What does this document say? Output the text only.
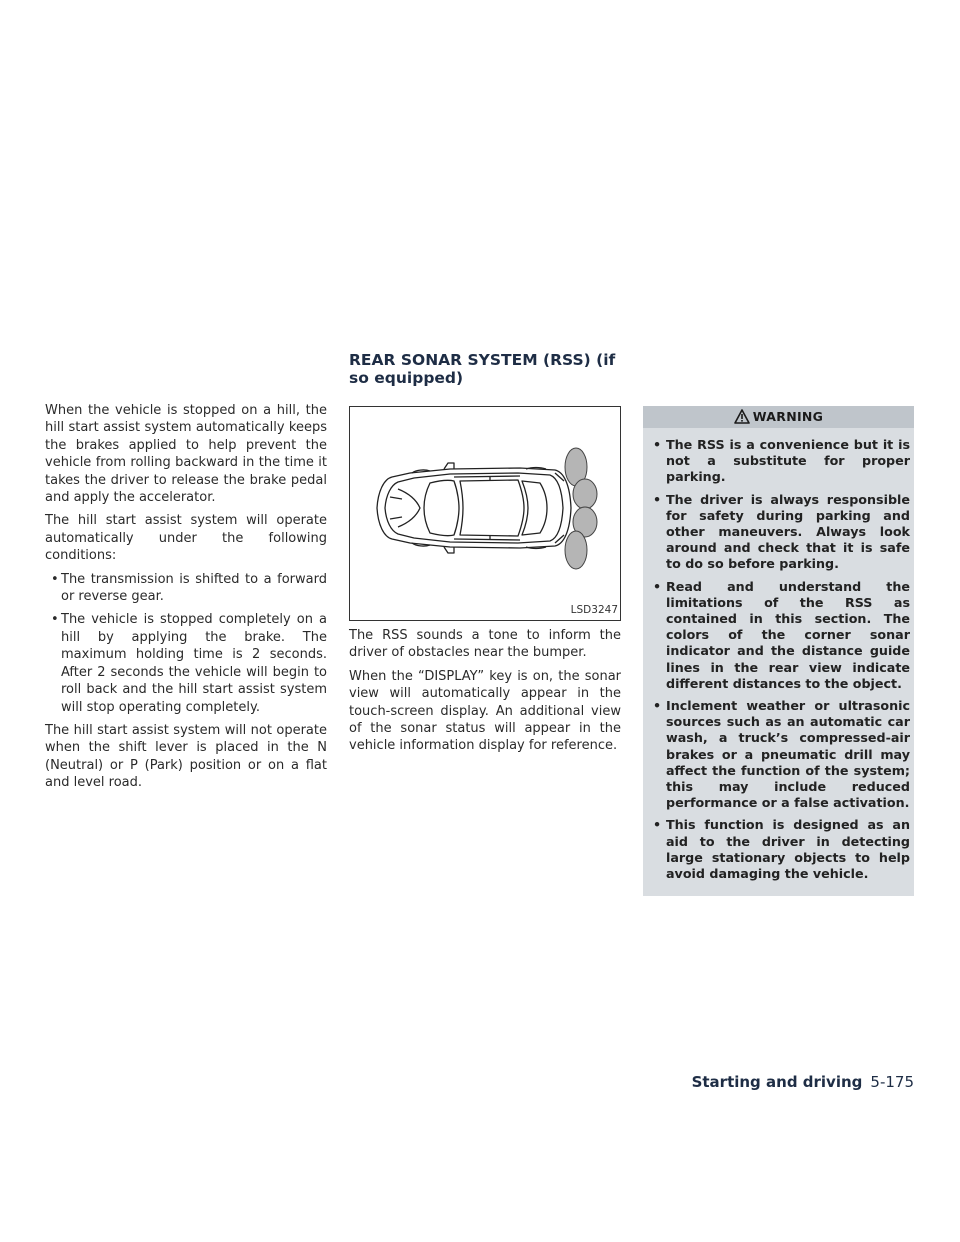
When the vehicle is stopped on a hill, the hill start assist system automatically keeps the brakes applied to help prevent the vehicle from rolling backward in the time it takes the driver to release the brake pedal and apply the accelerator.

The hill start assist system will operate automatically under the following conditions:

• The transmission is shifted to a forward or reverse gear.
• The vehicle is stopped completely on a hill by applying the brake. The maximum holding time is 2 seconds. After 2 seconds the vehicle will begin to roll back and the hill start assist system will stop operating completely.

The hill start assist system will not operate when the shift lever is placed in the N (Neutral) or P (Park) position or on a flat and level road.

REAR SONAR SYSTEM (RSS) (if so equipped)
LSD3247

The RSS sounds a tone to inform the driver of obstacles near the bumper.

When the “DISPLAY” key is on, the sonar view will automatically appear in the touch-screen display. An additional view of the sonar status will appear in the vehicle information display for reference.

WARNING
• The RSS is a convenience but it is not a substitute for proper parking.
• The driver is always responsible for safety during parking and other maneuvers. Always look around and check that it is safe to do so before parking.
• Read and understand the limitations of the RSS as contained in this section. The colors of the corner sonar indicator and the distance guide lines in the rear view indicate different distances to the object.
• Inclement weather or ultrasonic sources such as an automatic car wash, a truck’s compressed-air brakes or a pneumatic drill may affect the function of the system; this may include reduced performance or a false activation.
• This function is designed as an aid to the driver in detecting large stationary objects to help avoid damaging the vehicle.
Starting and driving 5-175
